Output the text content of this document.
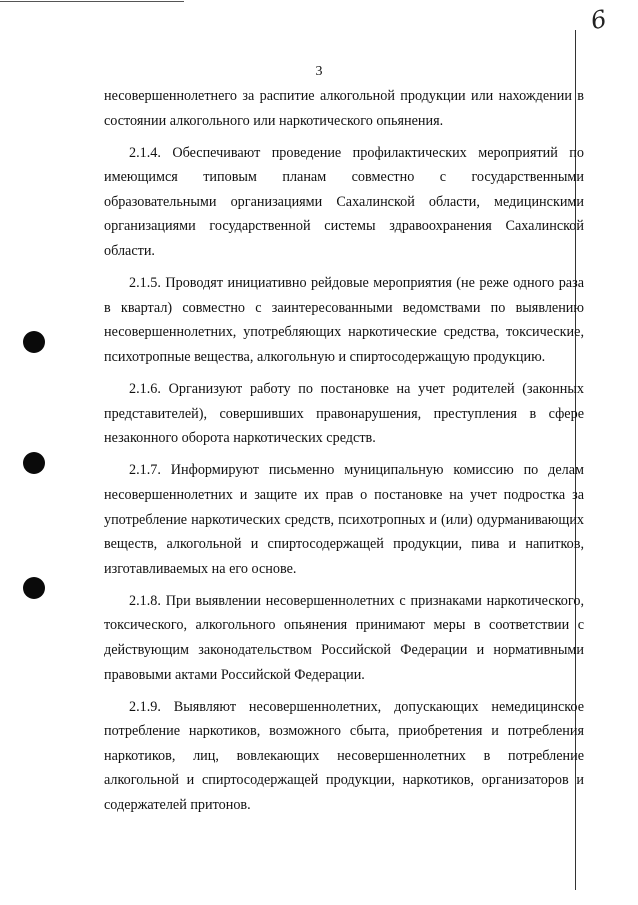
6
3

несовершеннолетнего за распитие алкогольной продукции или нахождении в состоянии алкогольного или наркотического опьянения.

2.1.4. Обеспечивают проведение профилактических мероприятий по имеющимся типовым планам совместно с государственными образовательными организациями Сахалинской области, медицинскими организациями государственной системы здравоохранения Сахалинской области.

2.1.5. Проводят инициативно рейдовые мероприятия (не реже одного раза в квартал) совместно с заинтересованными ведомствами по выявлению несовершеннолетних, употребляющих наркотические средства, токсические, психотропные вещества, алкогольную и спиртосодержащую продукцию.

2.1.6. Организуют работу по постановке на учет родителей (законных представителей), совершивших правонарушения, преступления в сфере незаконного оборота наркотических средств.

2.1.7. Информируют письменно муниципальную комиссию по делам несовершеннолетних и защите их прав о постановке на учет подростка за употребление наркотических средств, психотропных и (или) одурманивающих веществ, алкогольной и спиртосодержащей продукции, пива и напитков, изготавливаемых на его основе.

2.1.8. При выявлении несовершеннолетних с признаками наркотического, токсического, алкогольного опьянения принимают меры в соответствии с действующим законодательством Российской Федерации и нормативными правовыми актами Российской Федерации.

2.1.9. Выявляют несовершеннолетних, допускающих немедицинское потребление наркотиков, возможного сбыта, приобретения и потребления наркотиков, лиц, вовлекающих несовершеннолетних в потребление алкогольной и спиртосодержащей продукции, наркотиков, организаторов и содержателей притонов.
